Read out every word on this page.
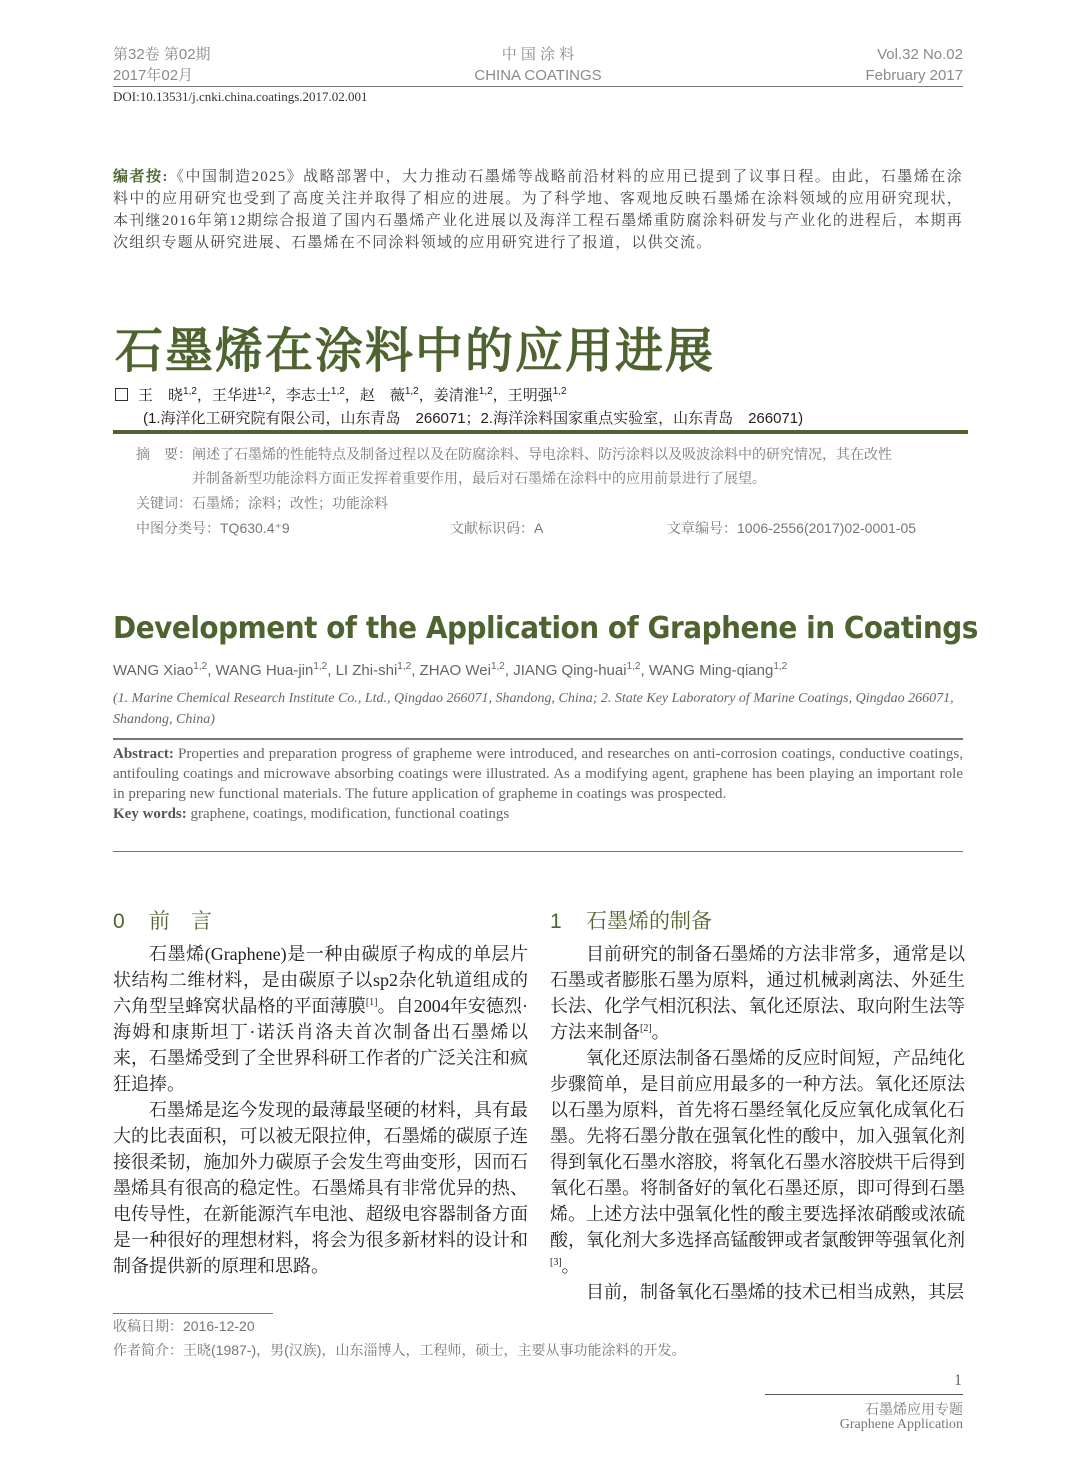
第32卷 第02期
2017年02月
中 国 涂 料
CHINA COATINGS
Vol.32 No.02
February 2017
DOI:10.13531/j.cnki.china.coatings.2017.02.001
编者按:《中国制造2025》战略部署中，大力推动石墨烯等战略前沿材料的应用已提到了议事日程。由此，石墨烯在涂料中的应用研究也受到了高度关注并取得了相应的进展。为了科学地、客观地反映石墨烯在涂料领域的应用研究现状，本刊继2016年第12期综合报道了国内石墨烯产业化进展以及海洋工程石墨烯重防腐涂料研发与产业化的进程后，本期再次组织专题从研究进展、石墨烯在不同涂料领域的应用研究进行了报道，以供交流。
石墨烯在涂料中的应用进展
王　晓$^{1,2}$，王华进$^{1,2}$，李志士$^{1,2}$，赵　薇$^{1,2}$，姜清淮$^{1,2}$，王明强$^{1,2}$
(1.海洋化工研究院有限公司，山东青岛　266071；2.海洋涂料国家重点实验室，山东青岛　266071)
摘　要：阐述了石墨烯的性能特点及制备过程以及在防腐涂料、导电涂料、防污涂料以及吸波涂料中的研究情况，其在改性
并制备新型功能涂料方面正发挥着重要作用，最后对石墨烯在涂料中的应用前景进行了展望。
关键词：石墨烯；涂料；改性；功能涂料
中图分类号：TQ630.4⁺9	文献标识码：A	文章编号：1006-2556(2017)02-0001-05
Development of the Application of Graphene in Coatings
WANG Xiao$^{1,2}$, WANG Hua-jin$^{1,2}$, LI Zhi-shi$^{1,2}$, ZHAO Wei$^{1,2}$, JIANG Qing-huai$^{1,2}$, WANG Ming-qiang$^{1,2}$
(1. Marine Chemical Research Institute Co., Ltd., Qingdao 266071, Shandong, China; 2. State Key Laboratory of Marine Coatings, Qingdao 266071, Shandong, China)
Abstract: Properties and preparation progress of grapheme were introduced, and researches on anti-corrosion coatings, conductive coatings, antifouling coatings and microwave absorbing coatings were illustrated. As a modifying agent, graphene has been playing an important role in preparing new functional materials. The future application of grapheme in coatings was prospected.
Key words: graphene, coatings, modification, functional coatings
0 前　言

石墨烯(Graphene)是一种由碳原子构成的单层片状结构二维材料，是由碳原子以sp2杂化轨道组成的六角型呈蜂窝状晶格的平面薄膜[1]。自2004年安德烈·海姆和康斯坦丁·诺沃肖洛夫首次制备出石墨烯以来，石墨烯受到了全世界科研工作者的广泛关注和疯狂追捧。

石墨烯是迄今发现的最薄最坚硬的材料，具有最大的比表面积，可以被无限拉伸，石墨烯的碳原子连接很柔韧，施加外力碳原子会发生弯曲变形，因而石墨烯具有很高的稳定性。石墨烯具有非常优异的热、电传导性，在新能源汽车电池、超级电容器制备方面是一种很好的理想材料，将会为很多新材料的设计和制备提供新的原理和思路。

1 石墨烯的制备

目前研究的制备石墨烯的方法非常多，通常是以石墨或者膨胀石墨为原料，通过机械剥离法、外延生长法、化学气相沉积法、氧化还原法、取向附生法等方法来制备[2]。

氧化还原法制备石墨烯的反应时间短，产品纯化步骤简单，是目前应用最多的一种方法。氧化还原法以石墨为原料，首先将石墨经氧化反应氧化成氧化石墨。先将石墨分散在强氧化性的酸中，加入强氧化剂得到氧化石墨水溶胶，将氧化石墨水溶胶烘干后得到氧化石墨。将制备好的氧化石墨还原，即可得到石墨烯。上述方法中强氧化性的酸主要选择浓硝酸或浓硫酸，氧化剂大多选择高锰酸钾或者氯酸钾等强氧化剂[3]。

目前，制备氧化石墨烯的技术已相当成熟，其层

收稿日期：2016-12-20
作者简介：王晓(1987-)，男(汉族)，山东淄博人，工程师，硕士，主要从事功能涂料的开发。
1
石墨烯应用专题
Graphene Application
